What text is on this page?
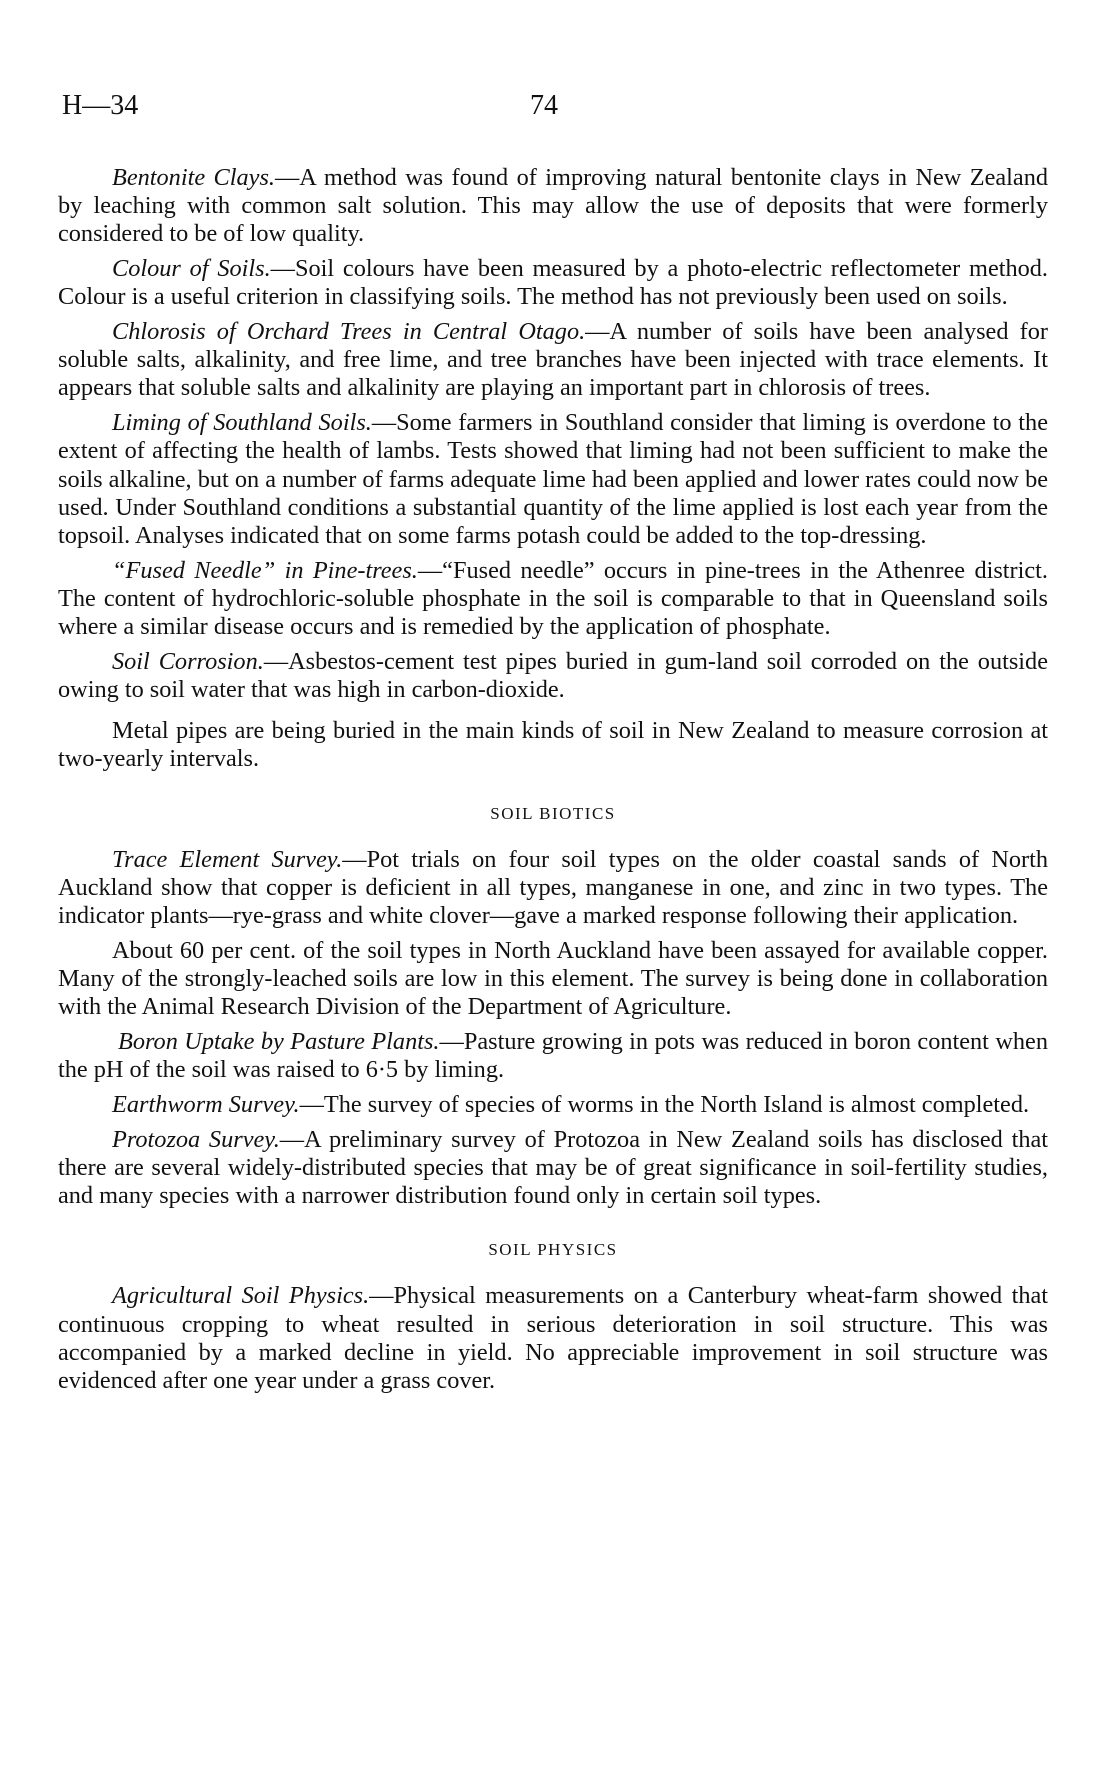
H—34	74

Bentonite Clays.—A method was found of improving natural bentonite clays in New Zealand by leaching with common salt solution. This may allow the use of deposits that were formerly considered to be of low quality.

Colour of Soils.—Soil colours have been measured by a photo-electric reflectometer method. Colour is a useful criterion in classifying soils. The method has not previously been used on soils.

Chlorosis of Orchard Trees in Central Otago.—A number of soils have been analysed for soluble salts, alkalinity, and free lime, and tree branches have been injected with trace elements. It appears that soluble salts and alkalinity are playing an important part in chlorosis of trees.

Liming of Southland Soils.—Some farmers in Southland consider that liming is overdone to the extent of affecting the health of lambs. Tests showed that liming had not been sufficient to make the soils alkaline, but on a number of farms adequate lime had been applied and lower rates could now be used. Under Southland conditions a substantial quantity of the lime applied is lost each year from the topsoil. Analyses indicated that on some farms potash could be added to the top-dressing.

“Fused Needle” in Pine-trees.—“Fused needle” occurs in pine-trees in the Athenree district. The content of hydrochloric-soluble phosphate in the soil is comparable to that in Queensland soils where a similar disease occurs and is remedied by the application of phosphate.

Soil Corrosion.—Asbestos-cement test pipes buried in gum-land soil corroded on the outside owing to soil water that was high in carbon-dioxide.

Metal pipes are being buried in the main kinds of soil in New Zealand to measure corrosion at two-yearly intervals.

SOIL BIOTICS

Trace Element Survey.—Pot trials on four soil types on the older coastal sands of North Auckland show that copper is deficient in all types, manganese in one, and zinc in two types. The indicator plants—rye-grass and white clover—gave a marked response following their application.

About 60 per cent. of the soil types in North Auckland have been assayed for available copper. Many of the strongly-leached soils are low in this element. The survey is being done in collaboration with the Animal Research Division of the Department of Agriculture.

Boron Uptake by Pasture Plants.—Pasture growing in pots was reduced in boron content when the pH of the soil was raised to 6·5 by liming.

Earthworm Survey.—The survey of species of worms in the North Island is almost completed.

Protozoa Survey.—A preliminary survey of Protozoa in New Zealand soils has disclosed that there are several widely-distributed species that may be of great significance in soil-fertility studies, and many species with a narrower distribution found only in certain soil types.

SOIL PHYSICS

Agricultural Soil Physics.—Physical measurements on a Canterbury wheat-farm showed that continuous cropping to wheat resulted in serious deterioration in soil structure. This was accompanied by a marked decline in yield. No appreciable improvement in soil structure was evidenced after one year under a grass cover.
